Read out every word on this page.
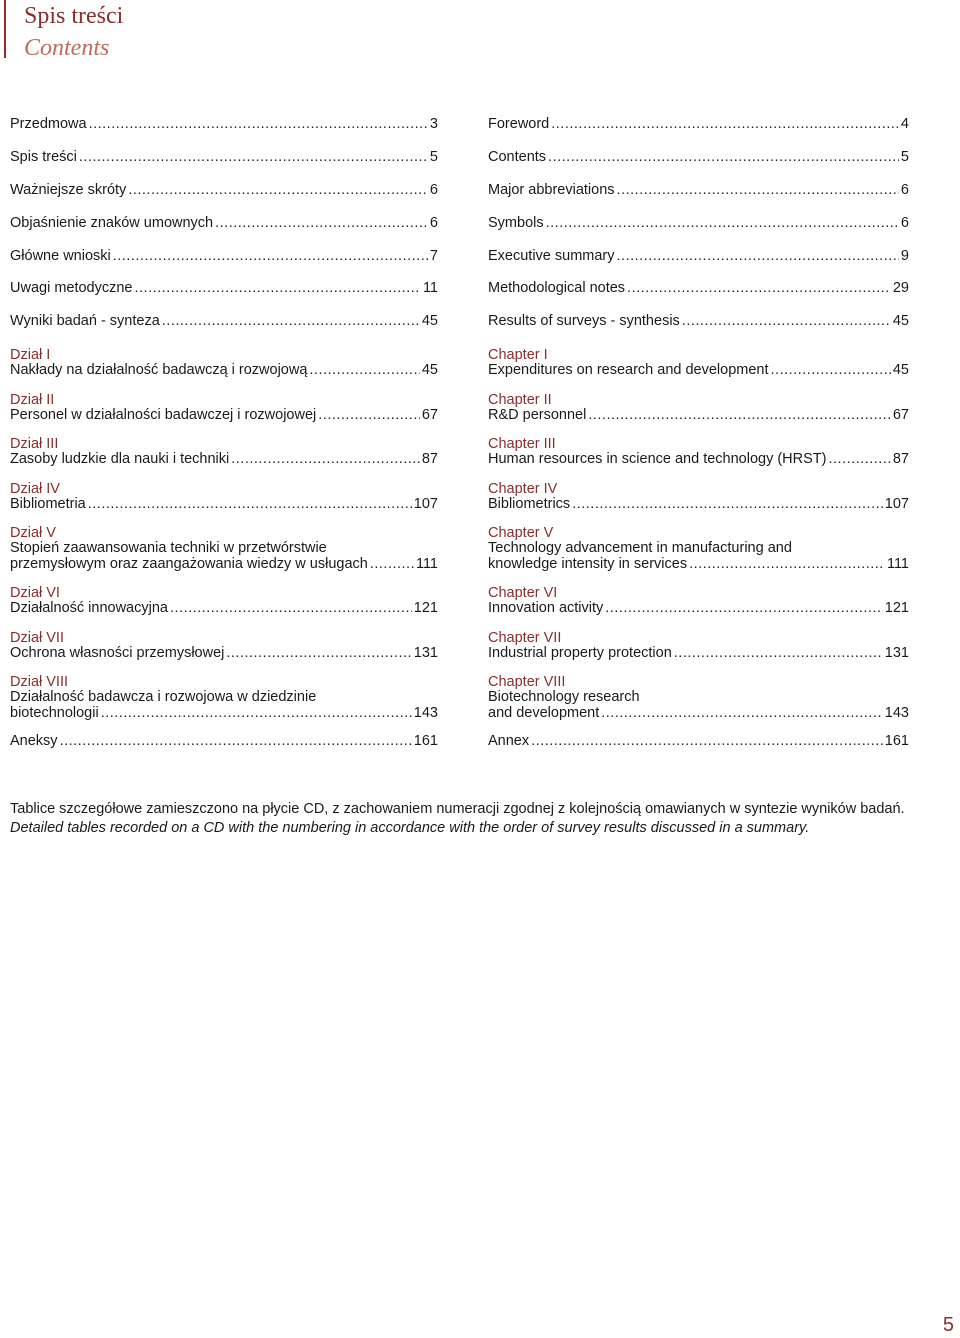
Spis treści
Contents
Przedmowa .....	3
Spis treści .....	5
Ważniejsze skróty .....	6
Objaśnienie znaków umownych .....	6
Główne wnioski .....	7
Uwagi metodyczne .....	11
Wyniki badań - synteza .....	45
Dział I
Nakłady na działalność badawczą i rozwojową .....	45
Dział II
Personel w działalności badawczej i rozwojowej .....	67
Dział III
Zasoby ludzkie dla nauki i techniki .....	87
Dział IV
Bibliometria .....	107
Dział V
Stopień zaawansowania techniki w przetwórstwie
przemysłowym oraz zaangażowania wiedzy w usługach .....	111
Dział VI
Działalność innowacyjna .....	121
Dział VII
Ochrona własności przemysłowej .....	131
Dział VIII
Działalność badawcza i rozwojowa w dziedzinie
biotechnologii .....	143
Aneksy .....	161
Foreword .....	4
Contents .....	5
Major abbreviations .....	6
Symbols .....	6
Executive summary .....	9
Methodological notes .....	29
Results of surveys - synthesis .....	45
Chapter I
Expenditures on research and development .....	45
Chapter II
R&D personnel .....	67
Chapter III
Human resources in science and technology (HRST) .....	87
Chapter IV
Bibliometrics .....	107
Chapter V
Technology advancement in manufacturing and
knowledge intensity in services .....	111
Chapter VI
Innovation activity .....	121
Chapter VII
Industrial property protection .....	131
Chapter VIII
Biotechnology research
and development .....	143
Annex .....	161
Tablice szczegółowe zamieszczono na płycie CD, z zachowaniem numeracji zgodnej z kolejnością omawianych w syntezie wyników badań.
Detailed tables recorded on a CD with the numbering in accordance with the order of survey results discussed in a summary.
5
